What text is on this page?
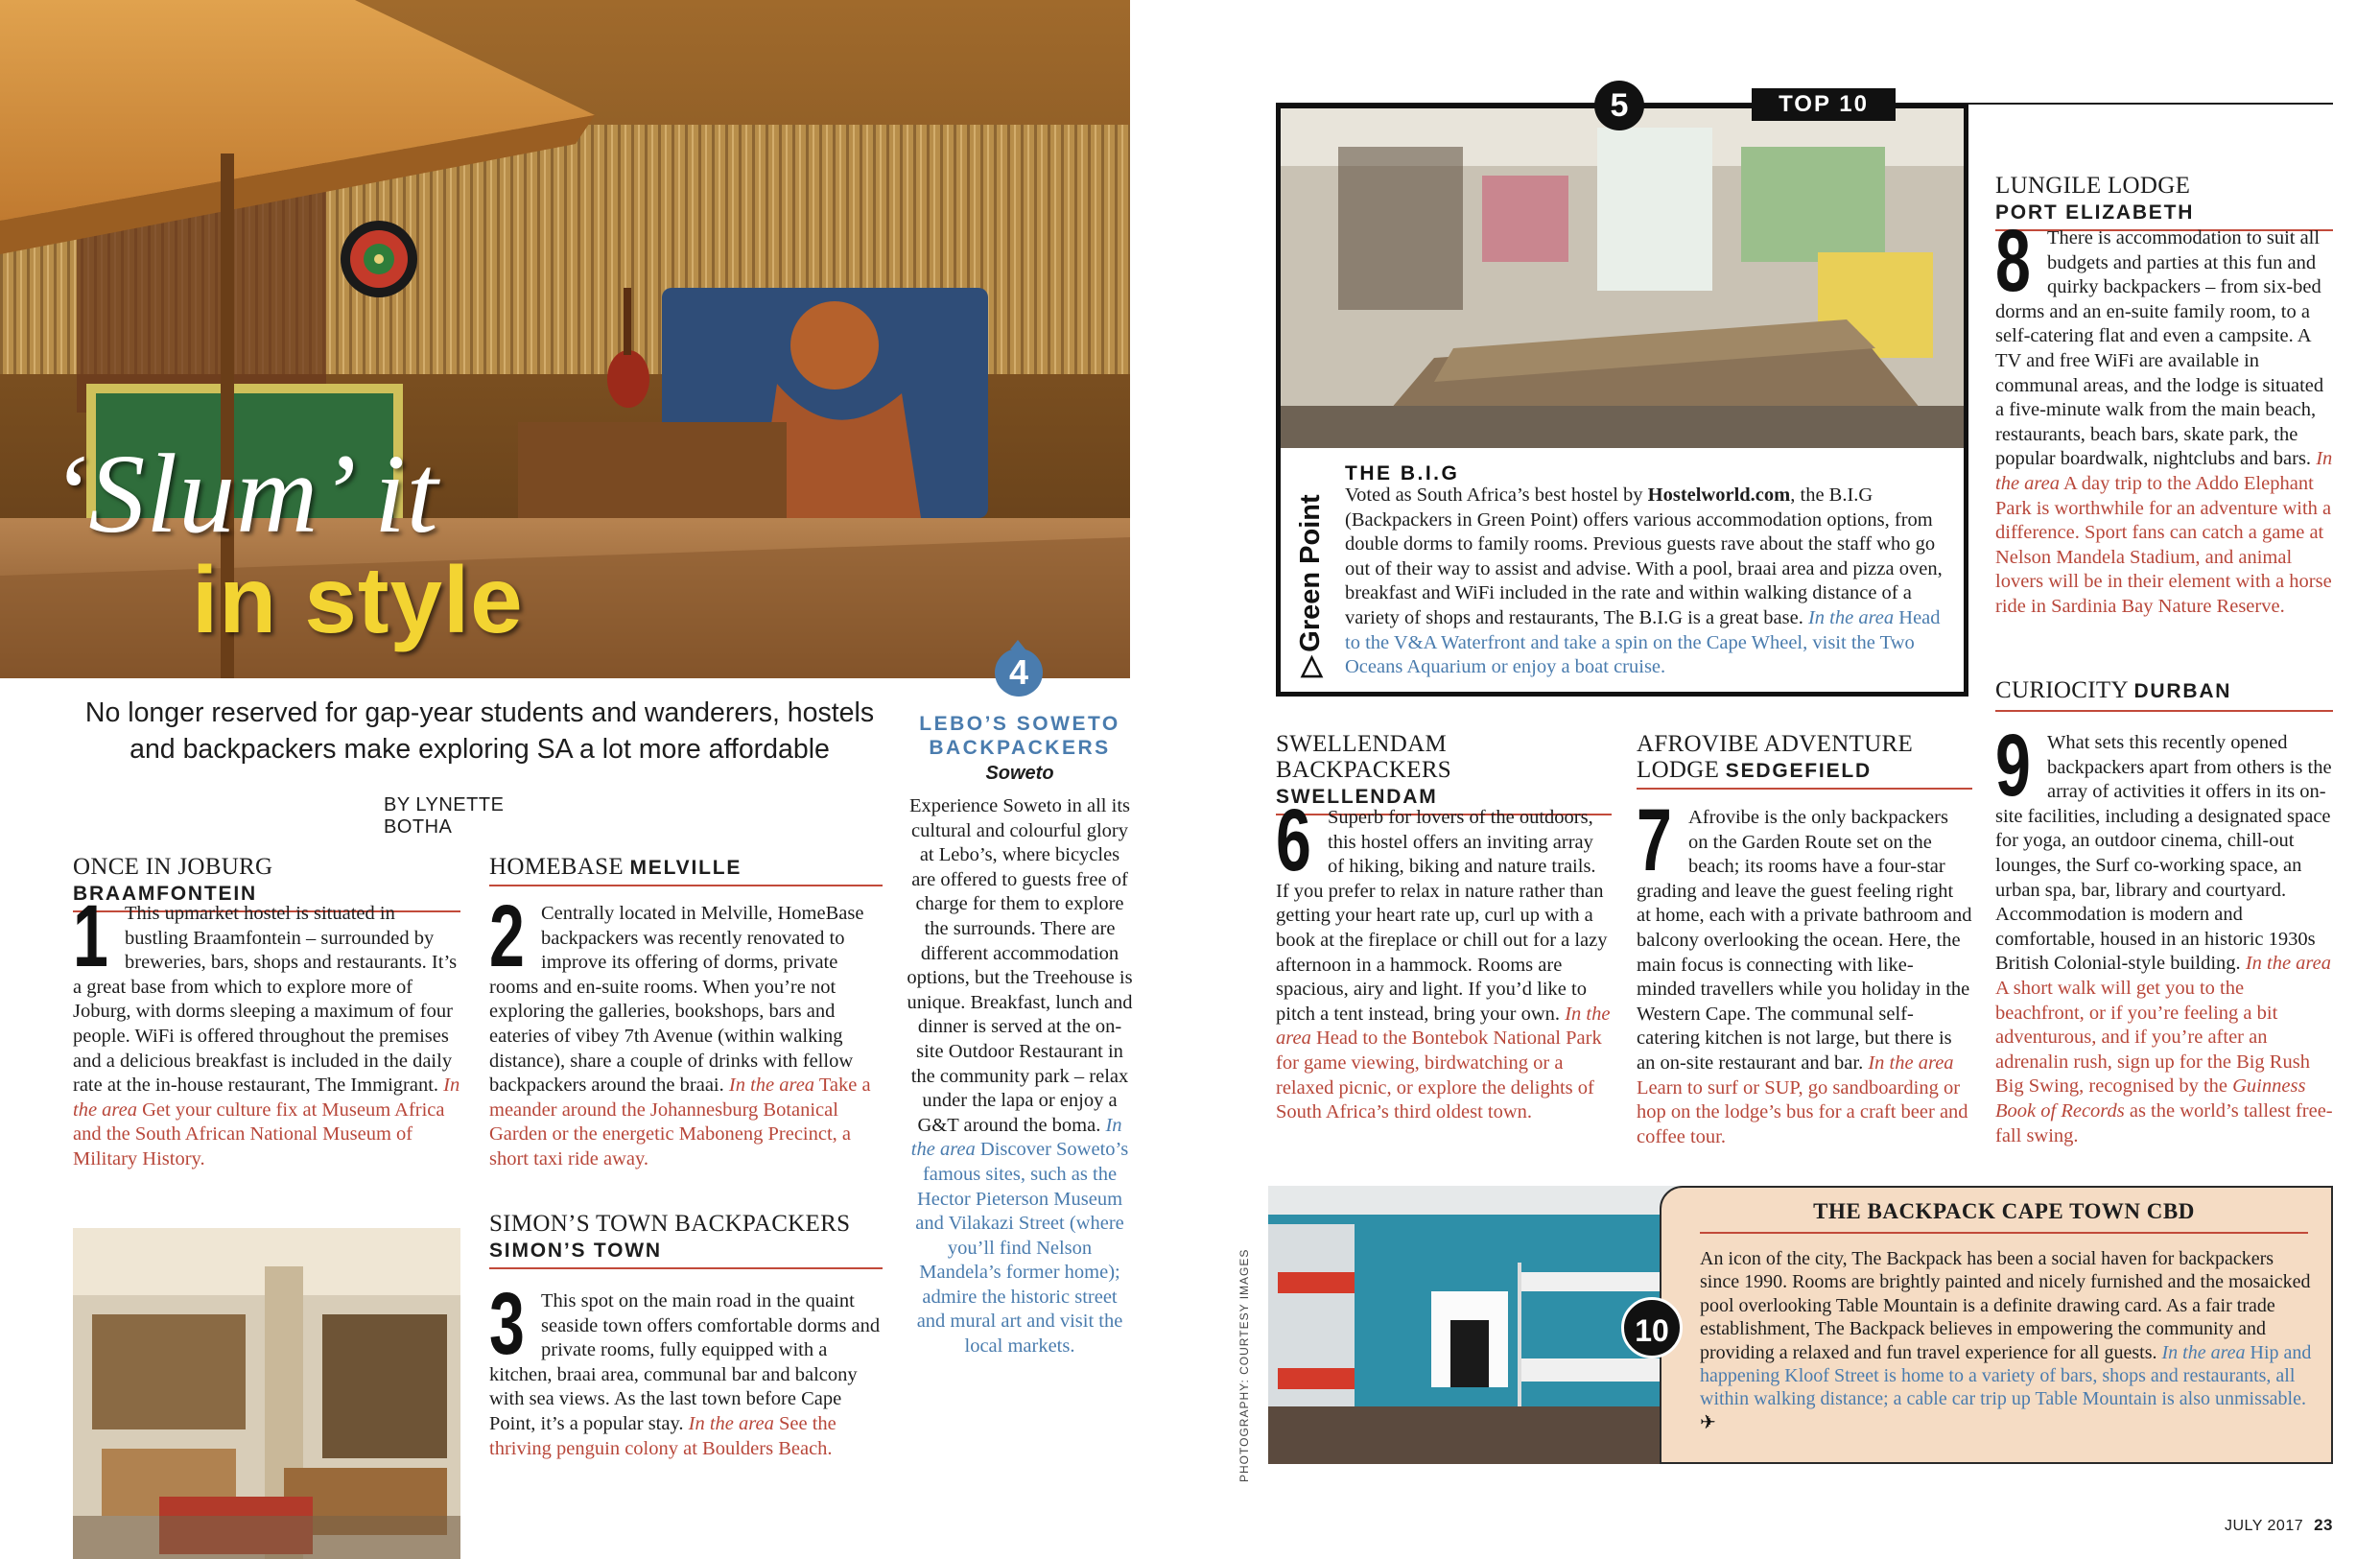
‘Slum’ it
in style
No longer reserved for gap-year students and wanderers, hostels
and backpackers make exploring SA a lot more affordable
BY LYNETTE BOTHA
ONCE IN JOBURG BRAAMFONTEIN
1 This upmarket hostel is situated in bustling Braamfontein – surrounded by breweries, bars, shops and restaurants. It’s a great base from which to explore more of Joburg, with dorms sleeping a maximum of four people. WiFi is offered throughout the premises and a delicious breakfast is included in the daily rate at the in-house restaurant, The Immigrant. In the area Get your culture fix at Museum Africa and the South African National Museum of Military History.
HOMEBASE MELVILLE
2 Centrally located in Melville, HomeBase backpackers was recently renovated to improve its offering of dorms, private rooms and en-suite rooms. When you’re not exploring the galleries, bookshops, bars and eateries of vibey 7th Avenue (within walking distance), share a couple of drinks with fellow backpackers around the braai. In the area Take a meander around the Johannesburg Botanical Garden or the energetic Maboneng Precinct, a short taxi ride away.
SIMON’S TOWN BACKPACKERS
SIMON’S TOWN
3 This spot on the main road in the quaint seaside town offers comfortable dorms and private rooms, fully equipped with a kitchen, braai area, communal bar and balcony with sea views. As the last town before Cape Point, it’s a popular stay. In the area See the thriving penguin colony at Boulders Beach.
4
LEBO’S SOWETO
BACKPACKERS
Soweto
Experience Soweto in all its cultural and colourful glory at Lebo’s, where bicycles are offered to guests free of charge for them to explore the surrounds. There are different accommodation options, but the Treehouse is unique. Breakfast, lunch and dinner is served at the on-site Outdoor Restaurant in the community park – relax under the lapa or enjoy a G&T around the boma. In the area Discover Soweto’s famous sites, such as the Hector Pieterson Museum and Vilakazi Street (where you’ll find Nelson Mandela’s former home); admire the historic street and mural art and visit the local markets.	PHOTOGRAPHY: COURTESY IMAGES
5	TOP 10
▷Green Point
THE B.I.G
Voted as South Africa’s best hostel by Hostelworld.com, the B.I.G (Backpackers in Green Point) offers various accommodation options, from double dorms to family rooms. Previous guests rave about the staff who go out of their way to assist and advise. With a pool, braai area and pizza oven, breakfast and WiFi included in the rate and within walking distance of a variety of shops and restaurants, The B.I.G is a great base. In the area Head to the V&A Waterfront and take a spin on the Cape Wheel, visit the Two Oceans Aquarium or enjoy a boat cruise.
SWELLENDAM BACKPACKERS
SWELLENDAM
6 Superb for lovers of the outdoors, this hostel offers an inviting array of hiking, biking and nature trails. If you prefer to relax in nature rather than getting your heart rate up, curl up with a book at the fireplace or chill out for a lazy afternoon in a hammock. Rooms are spacious, airy and light. If you’d like to pitch a tent instead, bring your own. In the area Head to the Bontebok National Park for game viewing, birdwatching or a relaxed picnic, or explore the delights of South Africa’s third oldest town.
AFROVIBE ADVENTURE
LODGE SEDGEFIELD
7 Afrovibe is the only backpackers on the Garden Route set on the beach; its rooms have a four-star grading and leave the guest feeling right at home, each with a private bathroom and balcony overlooking the ocean. Here, the main focus is connecting with like-minded travellers while you holiday in the Western Cape. The communal self-catering kitchen is not large, but there is an on-site restaurant and bar. In the area Learn to surf or SUP, go sandboarding or hop on the lodge’s bus for a craft beer and coffee tour.
LUNGILE LODGE
PORT ELIZABETH
8 There is accommodation to suit all budgets and parties at this fun and quirky backpackers – from six-bed dorms and an en-suite family room, to a self-catering flat and even a campsite. A TV and free WiFi are available in communal areas, and the lodge is situated a five-minute walk from the main beach, restaurants, beach bars, skate park, the popular boardwalk, nightclubs and bars. In the area A day trip to the Addo Elephant Park is worthwhile for an adventure with a difference. Sport fans can catch a game at Nelson Mandela Stadium, and animal lovers will be in their element with a horse ride in Sardinia Bay Nature Reserve.
CURIOCITY DURBAN
9 What sets this recently opened backpackers apart from others is the array of activities it offers in its on-site facilities, including a designated space for yoga, an outdoor cinema, chill-out lounges, the Surf co-working space, an urban spa, bar, library and courtyard. Accommodation is modern and comfortable, housed in an historic 1930s British Colonial-style building. In the area A short walk will get you to the beachfront, or if you’re feeling a bit adventurous, and if you’re after an adrenalin rush, sign up for the Big Rush Big Swing, recognised by the Guinness Book of Records as the world’s tallest free-fall swing.
10
THE BACKPACK CAPE TOWN CBD
An icon of the city, The Backpack has been a social haven for backpackers since 1990. Rooms are brightly painted and nicely furnished and the mosaicked pool overlooking Table Mountain is a definite drawing card. As a fair trade establishment, The Backpack believes in empowering the community and providing a relaxed and fun travel experience for all guests. In the area Hip and happening Kloof Street is home to a variety of bars, shops and restaurants, all within walking distance; a cable car trip up Table Mountain is also unmissable. ✈
JULY 2017 23
